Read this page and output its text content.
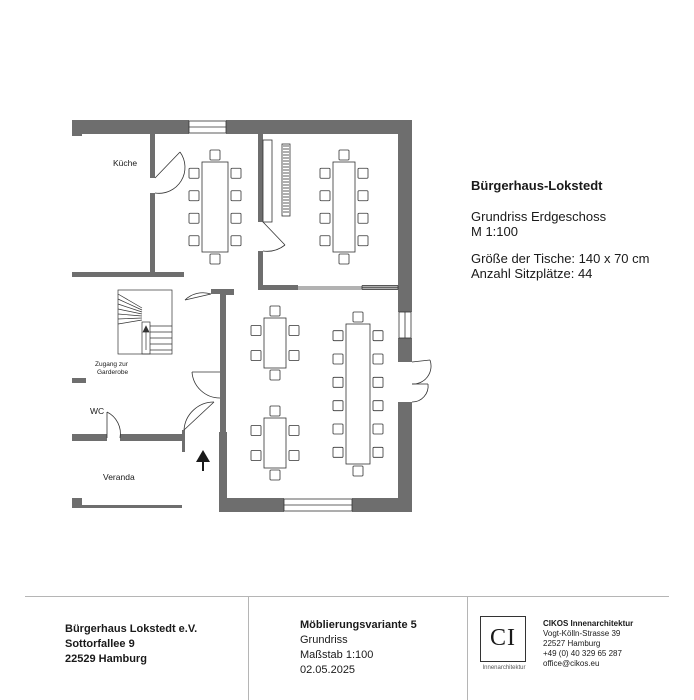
Küche
Zugang zur
Garderobe
WC
Veranda
Bürgerhaus-Lokstedt
Grundriss Erdgeschoss
M 1:100
Größe der Tische: 140 x 70 cm
Anzahl Sitzplätze: 44
Bürgerhaus Lokstedt e.V.
Sottorfallee 9
22529 Hamburg
Möblierungsvariante 5
Grundriss
Maßstab 1:100
02.05.2025
CI
Innenarchitektur
CIKOS Innenarchitektur
Vogt-Kölln-Strasse 39
22527 Hamburg
+49 (0) 40 329 65 287
office@cikos.eu
